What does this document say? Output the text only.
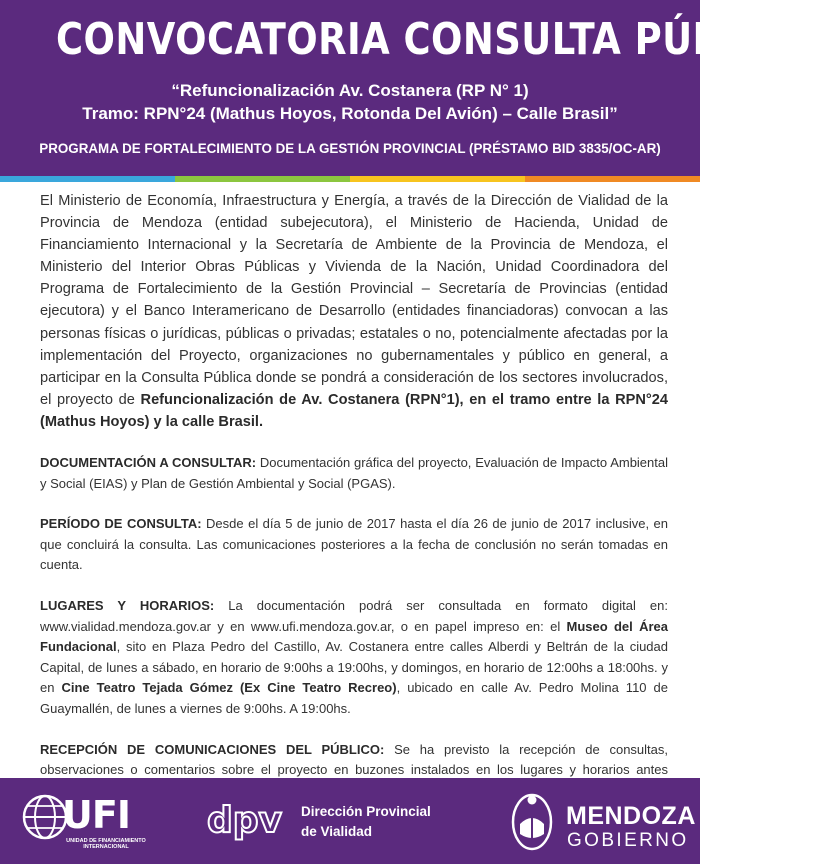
CONVOCATORIA CONSULTA PÚBLICA
“Refuncionalización Av. Costanera (RP N° 1)
Tramo: RPN°24 (Mathus Hoyos, Rotonda Del Avión) – Calle Brasil”
PROGRAMA DE FORTALECIMIENTO DE LA GESTIÓN PROVINCIAL (PRÉSTAMO BID 3835/OC-AR)

El Ministerio de Economía, Infraestructura y Energía, a través de la Dirección de Vialidad de la Provincia de Mendoza (entidad subejecutora), el Ministerio de Hacienda, Unidad de Financiamiento Internacional y la Secretaría de Ambiente de la Provincia de Mendoza, el Ministerio del Interior Obras Públicas y Vivienda de la Nación, Unidad Coordinadora del Programa de Fortalecimiento de la Gestión Provincial – Secretaría de Provincias (entidad ejecutora) y el Banco Interamericano de Desarrollo (entidades financiadoras) convocan a las personas físicas o jurídicas, públicas o privadas; estatales o no, potencialmente afectadas por la implementación del Proyecto, organizaciones no gubernamentales y público en general, a participar en la Consulta Pública donde se pondrá a consideración de los sectores involucrados, el proyecto de Refuncionalización de Av. Costanera (RPN°1), en el tramo entre la RPN°24 (Mathus Hoyos) y la calle Brasil.

DOCUMENTACIÓN A CONSULTAR: Documentación gráfica del proyecto, Evaluación de Impacto Ambiental y Social (EIAS) y Plan de Gestión Ambiental y Social (PGAS).

PERÍODO DE CONSULTA: Desde el día 5 de junio de 2017 hasta el día 26 de junio de 2017 inclusive, en que concluirá la consulta. Las comunicaciones posteriores a la fecha de conclusión no serán tomadas en cuenta.

LUGARES Y HORARIOS: La documentación podrá ser consultada en formato digital en: www.vialidad.mendoza.gov.ar y en www.ufi.mendoza.gov.ar, o en papel impreso en: el Museo del Área Fundacional, sito en Plaza Pedro del Castillo, Av. Costanera entre calles Alberdi y Beltrán de la ciudad Capital, de lunes a sábado, en horario de 9:00hs a 19:00hs, y domingos, en horario de 12:00hs a 18:00hs. y en Cine Teatro Tejada Gómez (Ex Cine Teatro Recreo), ubicado en calle Av. Pedro Molina 110 de Guaymallén, de lunes a viernes de 9:00hs. A 19:00hs.

RECEPCIÓN DE COMUNICACIONES DEL PÚBLICO: Se ha previsto la recepción de consultas, observaciones o comentarios sobre el proyecto en buzones instalados en los lugares y horarios antes

UFI
UNIDAD DE FINANCIAMIENTO INTERNACIONAL
dpv Dirección Provincial
de Vialidad
MENDOZA
GOBIERNO
